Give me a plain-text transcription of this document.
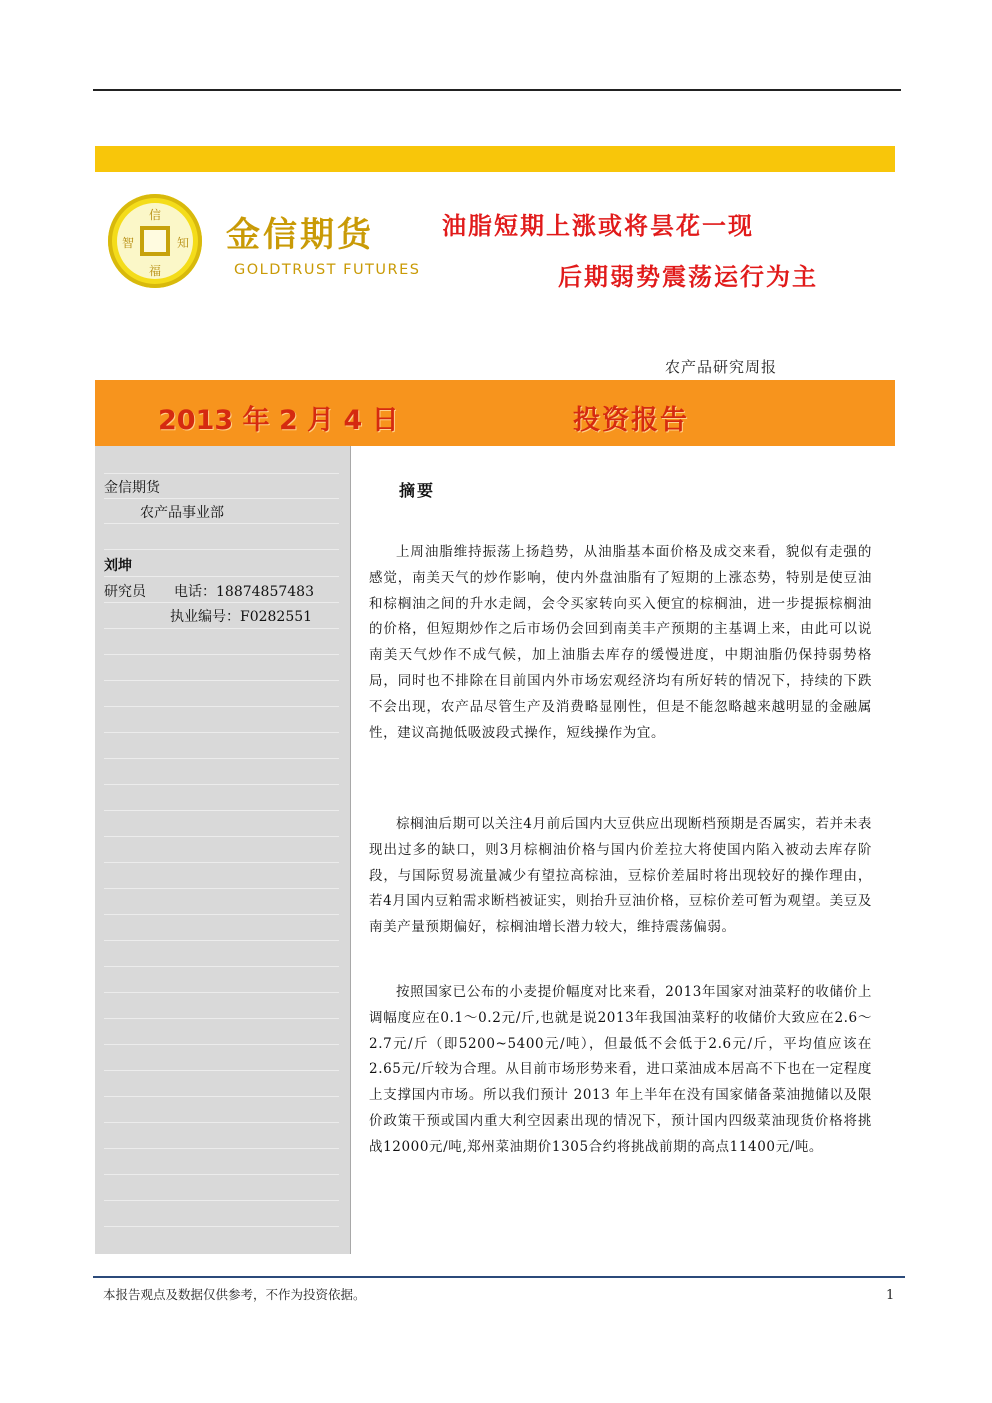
信
知
福
智	金信期货
GOLDTRUST FUTURES
油脂短期上涨或将昙花一现
后期弱势震荡运行为主
农产品研究周报
2013 年 2 月 4 日	投资报告
金信期货
农产品事业部
刘坤
研究员 电话：18874857483
执业编号：F0282551
摘要

上周油脂维持振荡上扬趋势，从油脂基本面价格及成交来看，貌似有走强的感觉，南美天气的炒作影响，使内外盘油脂有了短期的上涨态势，特别是使豆油和棕榈油之间的升水走阔，会令买家转向买入便宜的棕榈油，进一步提振棕榈油的价格，但短期炒作之后市场仍会回到南美丰产预期的主基调上来，由此可以说南美天气炒作不成气候，加上油脂去库存的缓慢进度，中期油脂仍保持弱势格局，同时也不排除在目前国内外市场宏观经济均有所好转的情况下，持续的下跌不会出现，农产品尽管生产及消费略显刚性，但是不能忽略越来越明显的金融属性，建议高抛低吸波段式操作，短线操作为宜。

棕榈油后期可以关注4月前后国内大豆供应出现断档预期是否属实，若并未表现出过多的缺口，则3月棕榈油价格与国内价差拉大将使国内陷入被动去库存阶段，与国际贸易流量减少有望拉高棕油，豆棕价差届时将出现较好的操作理由，若4月国内豆粕需求断档被证实，则抬升豆油价格，豆棕价差可暂为观望。美豆及南美产量预期偏好，棕榈油增长潜力较大，维持震荡偏弱。

按照国家已公布的小麦提价幅度对比来看，2013年国家对油菜籽的收储价上调幅度应在0.1～0.2元/斤,也就是说2013年我国油菜籽的收储价大致应在2.6～2.7元/斤（即5200~5400元/吨），但最低不会低于2.6元/斤，平均值应该在2.65元/斤较为合理。从目前市场形势来看，进口菜油成本居高不下也在一定程度上支撑国内市场。所以我们预计 2013 年上半年在没有国家储备菜油抛储以及限价政策干预或国内重大利空因素出现的情况下，预计国内四级菜油现货价格将挑战12000元/吨,郑州菜油期价1305合约将挑战前期的高点11400元/吨。

本报告观点及数据仅供参考，不作为投资依据。	1
